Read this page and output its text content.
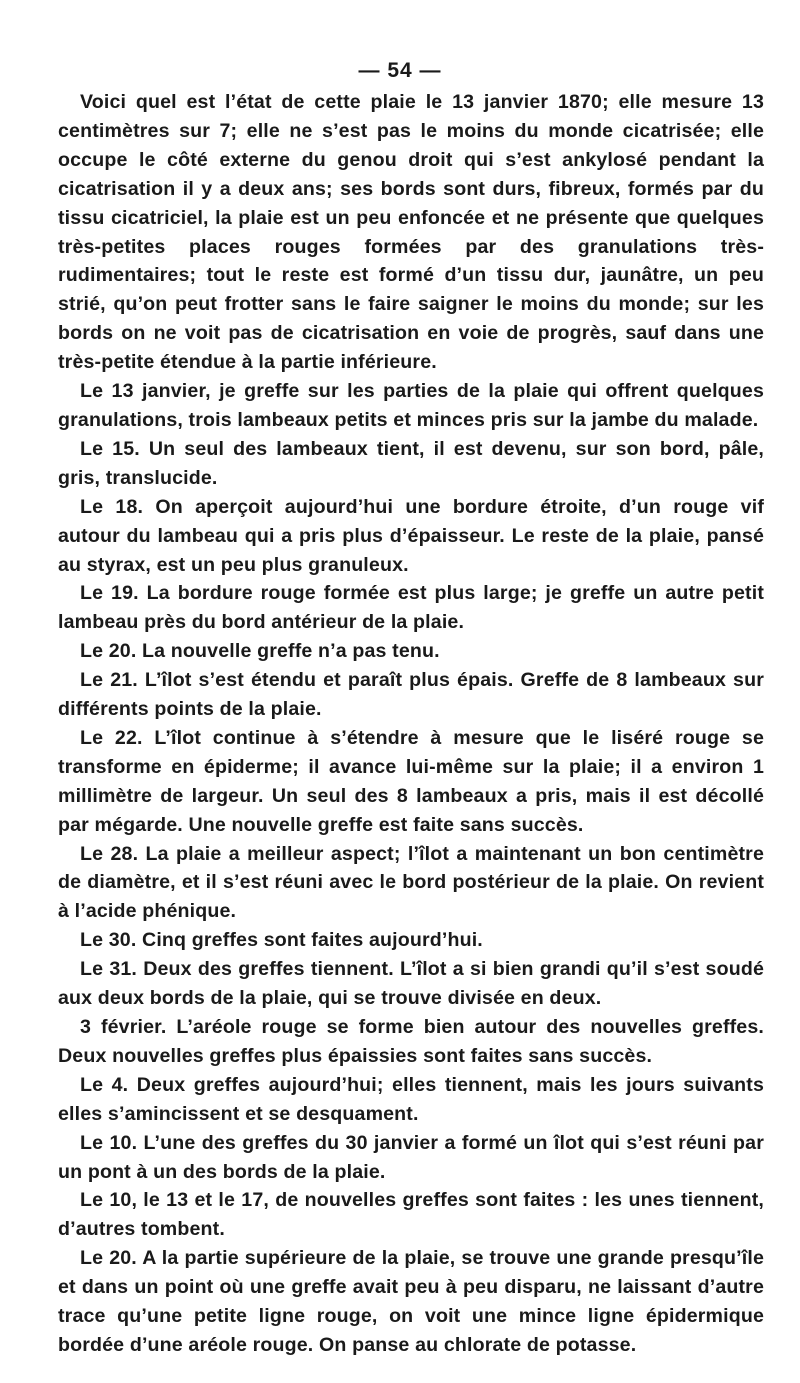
— 54 —

Voici quel est l’état de cette plaie le 13 janvier 1870; elle mesure 13 centimètres sur 7; elle ne s’est pas le moins du monde cicatrisée; elle occupe le côté externe du genou droit qui s’est ankylosé pendant la cicatrisation il y a deux ans; ses bords sont durs, fibreux, formés par du tissu cicatriciel, la plaie est un peu enfoncée et ne présente que quelques très-petites places rouges formées par des granulations très-rudimentaires; tout le reste est formé d’un tissu dur, jaunâtre, un peu strié, qu’on peut frotter sans le faire saigner le moins du monde; sur les bords on ne voit pas de cicatrisation en voie de progrès, sauf dans une très-petite étendue à la partie inférieure.

Le 13 janvier, je greffe sur les parties de la plaie qui offrent quelques granulations, trois lambeaux petits et minces pris sur la jambe du malade.

Le 15. Un seul des lambeaux tient, il est devenu, sur son bord, pâle, gris, translucide.

Le 18. On aperçoit aujourd’hui une bordure étroite, d’un rouge vif autour du lambeau qui a pris plus d’épaisseur. Le reste de la plaie, pansé au styrax, est un peu plus granuleux.

Le 19. La bordure rouge formée est plus large; je greffe un autre petit lambeau près du bord antérieur de la plaie.

Le 20. La nouvelle greffe n’a pas tenu.

Le 21. L’îlot s’est étendu et paraît plus épais. Greffe de 8 lambeaux sur différents points de la plaie.

Le 22. L’îlot continue à s’étendre à mesure que le liséré rouge se transforme en épiderme; il avance lui-même sur la plaie; il a environ 1 millimètre de largeur. Un seul des 8 lambeaux a pris, mais il est décollé par mégarde. Une nouvelle greffe est faite sans succès.

Le 28. La plaie a meilleur aspect; l’îlot a maintenant un bon centimètre de diamètre, et il s’est réuni avec le bord postérieur de la plaie. On revient à l’acide phénique.

Le 30. Cinq greffes sont faites aujourd’hui.

Le 31. Deux des greffes tiennent. L’îlot a si bien grandi qu’il s’est soudé aux deux bords de la plaie, qui se trouve divisée en deux.

3 février. L’aréole rouge se forme bien autour des nouvelles greffes. Deux nouvelles greffes plus épaissies sont faites sans succès.

Le 4. Deux greffes aujourd’hui; elles tiennent, mais les jours suivants elles s’amincissent et se desquament.

Le 10. L’une des greffes du 30 janvier a formé un îlot qui s’est réuni par un pont à un des bords de la plaie.

Le 10, le 13 et le 17, de nouvelles greffes sont faites : les unes tiennent, d’autres tombent.

Le 20. A la partie supérieure de la plaie, se trouve une grande presqu’île et dans un point où une greffe avait peu à peu disparu, ne laissant d’autre trace qu’une petite ligne rouge, on voit une mince ligne épidermique bordée d’une aréole rouge. On panse au chlorate de potasse.
